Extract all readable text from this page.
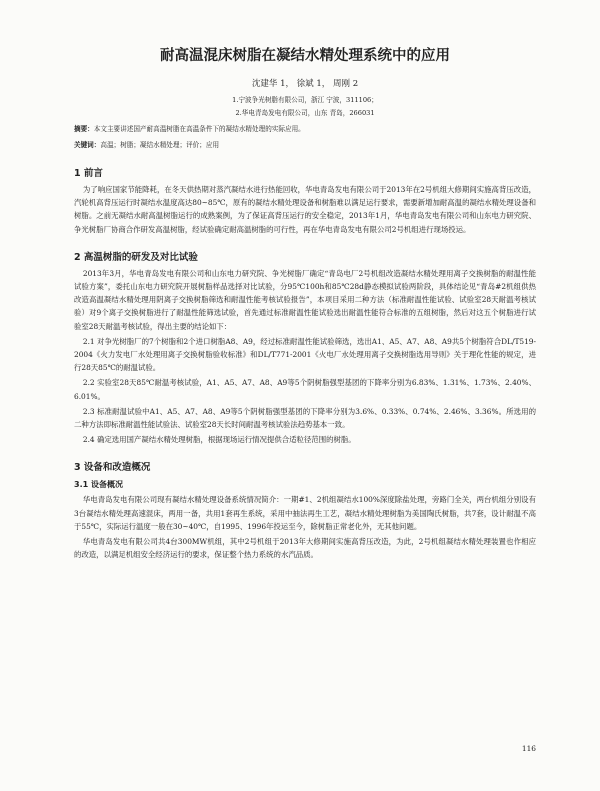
耐高温混床树脂在凝结水精处理系统中的应用
沈建华 1， 徐斌 1， 周刚 2
1.宁波争光树脂有限公司，浙江 宁波，311106；
2.华电青岛发电有限公司，山东 青岛，266031
摘要：本文主要讲述国产耐高温树脂在高温条件下的凝结水精处理的实际应用。
关键词：高温；树脂；凝结水精处理；评价；应用
1 前言

为了响应国家节能降耗，在冬天供热期对蒸汽凝结水进行热能回收，华电青岛发电有限公司于2013年在2号机组大修期间实施高背压改造，汽轮机高背压运行时凝结水温度高达80~85℃，原有的凝结水精处理设备和树脂难以满足运行要求，需要新增加耐高温的凝结水精处理设备和树脂。之前无凝结水耐高温树脂运行的成熟案例，为了保证高背压运行的安全稳定，2013年1月，华电青岛发电有限公司和山东电力研究院、争光树脂厂协商合作研发高温树脂，经试验确定耐高温树脂的可行性，再在华电青岛发电有限公司2号机组进行现场投运。

2 高温树脂的研发及对比试验

2013年3月，华电青岛发电有限公司和山东电力研究院、争光树脂厂确定“青岛电厂2号机组改造凝结水精处理用离子交换树脂的耐温性能试验方案”，委托山东电力研究院开展树脂样品选择对比试验，分95℃100h和85℃28d静态模拟试验两阶段，具体结论见“青岛#2机组供热改造高温凝结水精处理用阴离子交换树脂筛选和耐温性能考核试验报告”，本项目采用二种方法（标准耐温性能试验、试验室28天耐温考核试验）对9个离子交换树脂进行了耐温性能筛选试验，首先通过标准耐温性能试验选出耐温性能符合标准的五组树脂，然后对这五个树脂进行试验室28天耐温考核试验，得出主要的结论如下：

2.1 对争光树脂厂的7个树脂和2个进口树脂A8、A9，经过标准耐温性能试验筛选，选出A1、A5、A7、A8、A9共5个树脂符合DL/T519-2004《火力发电厂水处理用离子交换树脂验收标准》和DL/T771-2001《火电厂水处理用离子交换树脂选用导则》关于理化性能的规定，进行28天85℃的耐温试验。

2.2 实验室28天85℃耐温考核试验，A1、A5、A7、A8、A9等5个阴树脂强型基团的下降率分别为6.83%、1.31%、1.73%、2.40%、6.01%。

2.3 标准耐温试验中A1、A5、A7、A8、A9等5个阴树脂强型基团的下降率分别为3.6%、0.33%、0.74%、2.46%、3.36%。所选用的二种方法即标准耐温性能试验法、试验室28天长时间耐温考核试验法趋势基本一致。

2.4 确定选用国产凝结水精处理树脂，根据现场运行情况提供合适粒径范围的树脂。

3 设备和改造概况
3.1 设备概况

华电青岛发电有限公司现有凝结水精处理设备系统情况简介：一期#1、2机组凝结水100%深度除盐处理，旁路门全关，两台机组分别设有3台凝结水精处理高速混床，两用一备，共用1套再生系统，采用中抽法再生工艺，凝结水精处理树脂为美国陶氏树脂，共7套，设计耐温不高于55℃，实际运行温度一般在30~40℃，自1995、1996年投运至今，除树脂正常老化外，无其他问题。

华电青岛发电有限公司共4台300MW机组，其中2号机组于2013年大修期间实施高背压改造，为此，2号机组凝结水精处理装置也作相应的改造，以满足机组安全经济运行的要求，保证整个热力系统的水汽品质。

116
